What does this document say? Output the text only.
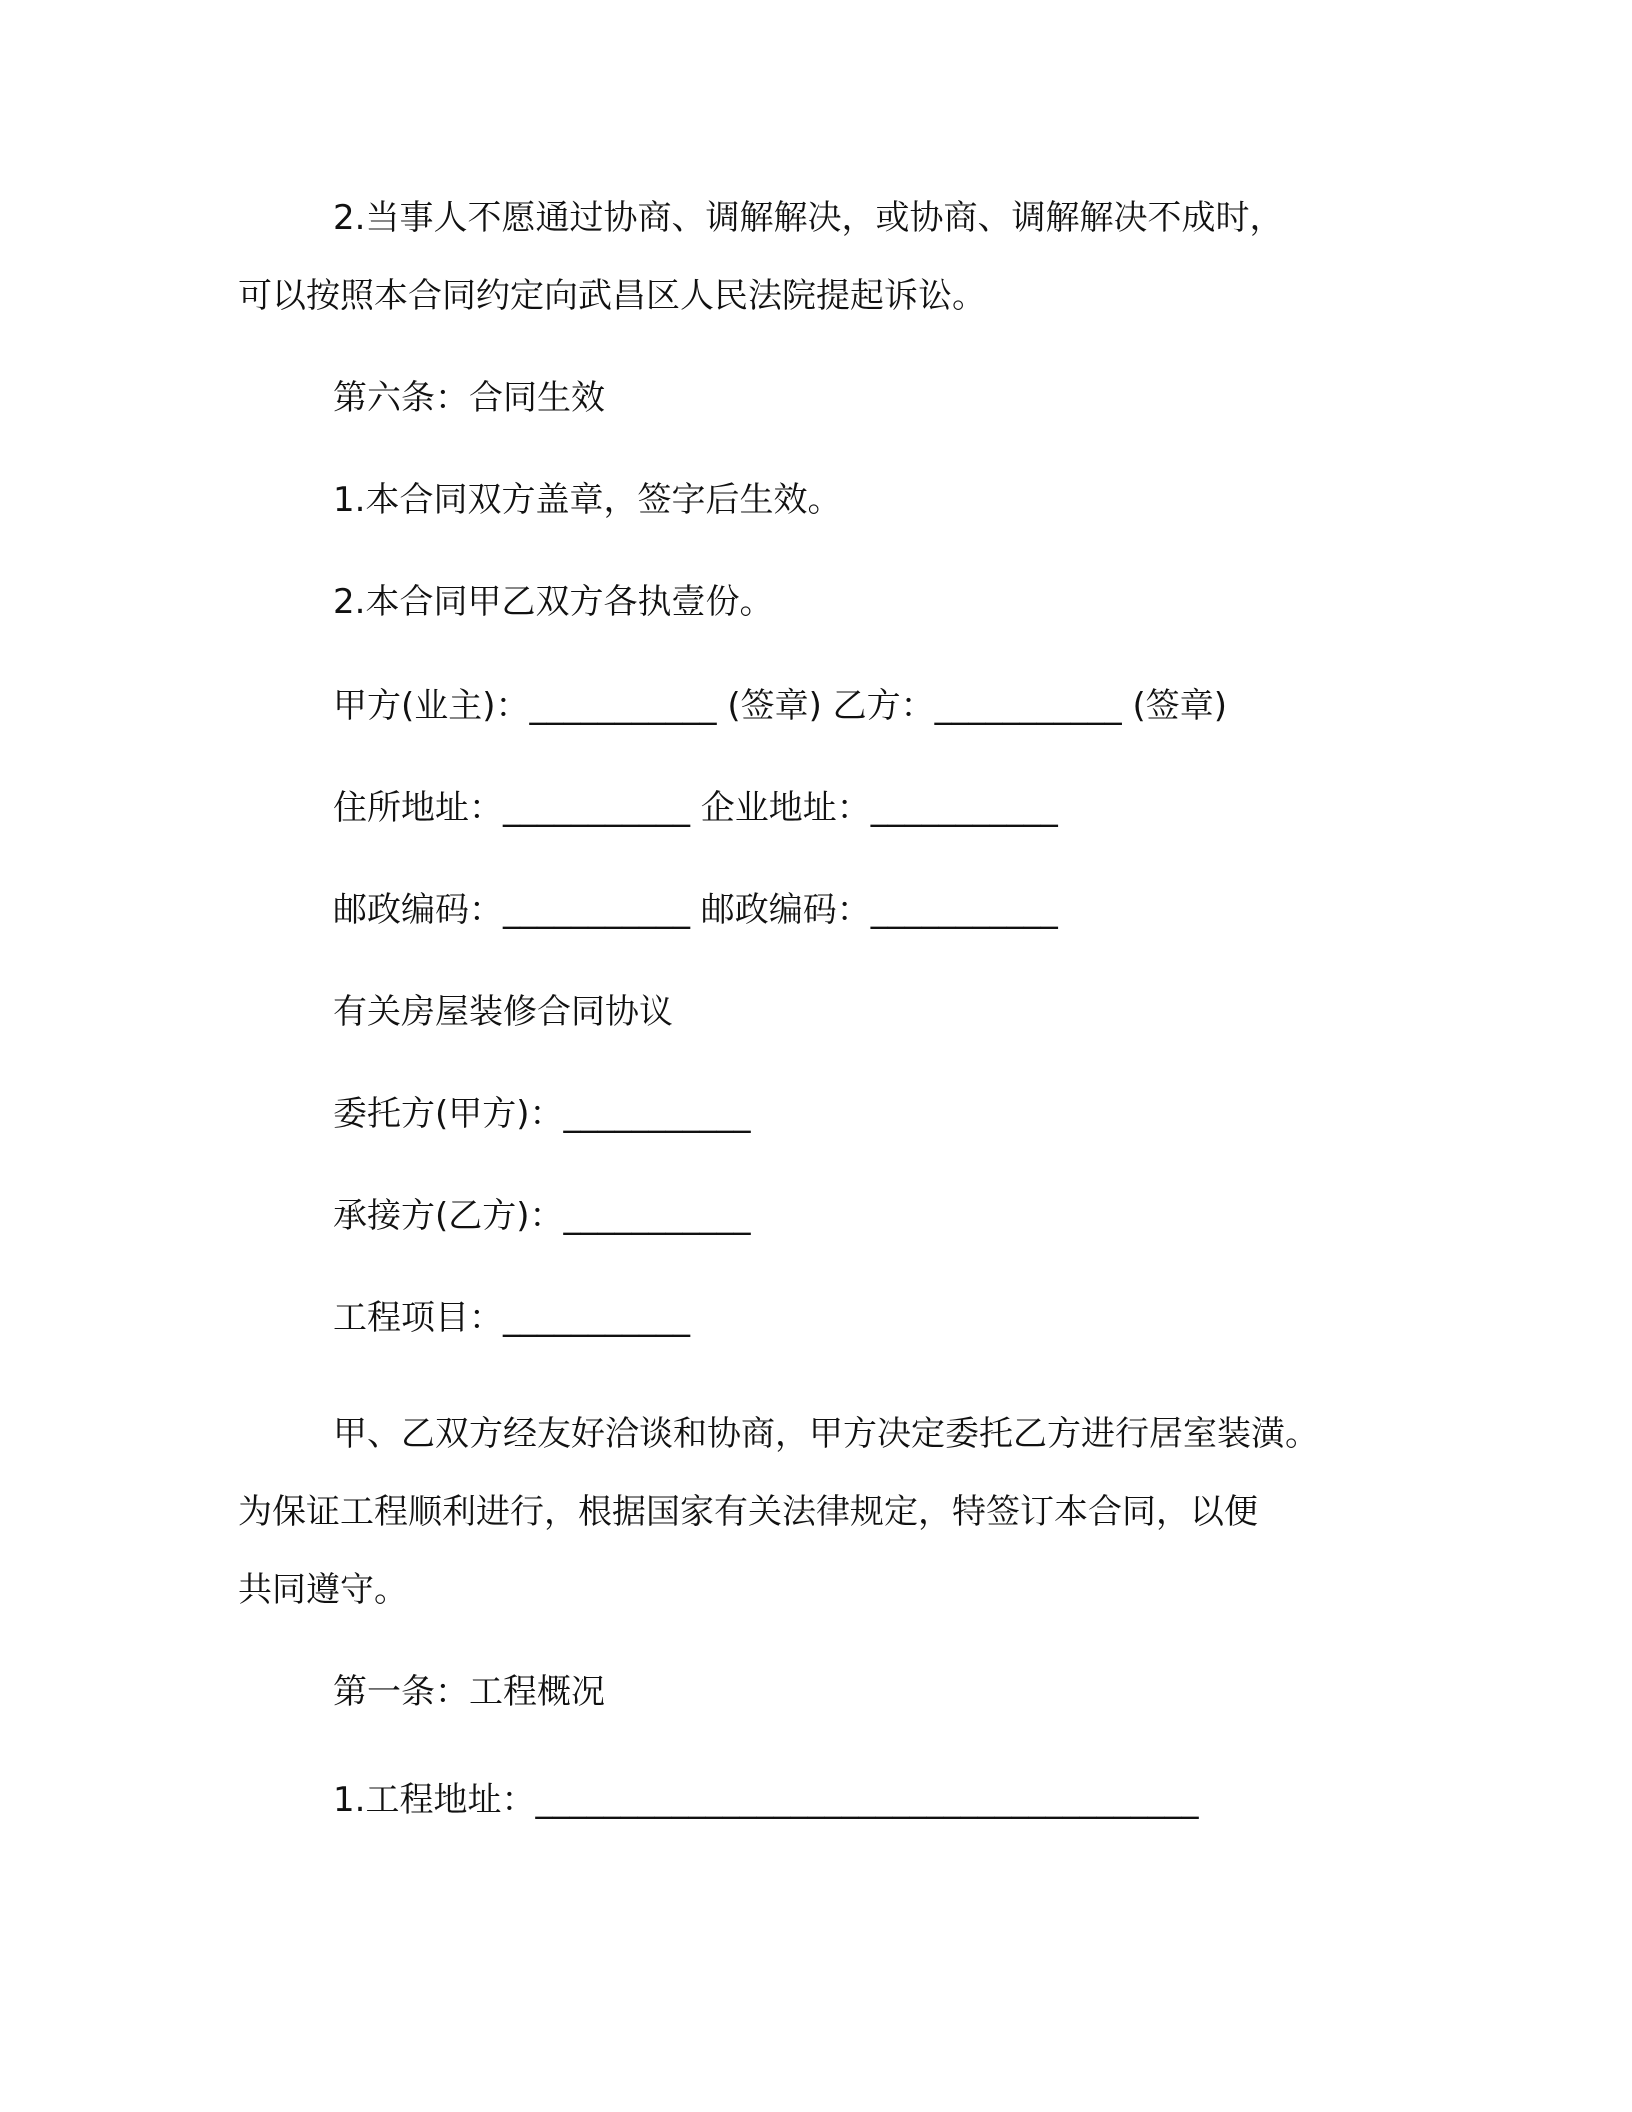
2.当事人不愿通过协商、调解解决，或协商、调解解决不成时，
可以按照本合同约定向武昌区人民法院提起诉讼。
第六条：合同生效
1.本合同双方盖章，签字后生效。
2.本合同甲乙双方各执壹份。
甲方(业主)：___________ (签章) 乙方：___________ (签章)
住所地址：___________ 企业地址：___________
邮政编码：___________ 邮政编码：___________
有关房屋装修合同协议
委托方(甲方)：___________
承接方(乙方)：___________
工程项目：___________
甲、乙双方经友好洽谈和协商，甲方决定委托乙方进行居室装潢。
为保证工程顺利进行，根据国家有关法律规定，特签订本合同，以便
共同遵守。
第一条：工程概况
1.工程地址：_______________________________________
